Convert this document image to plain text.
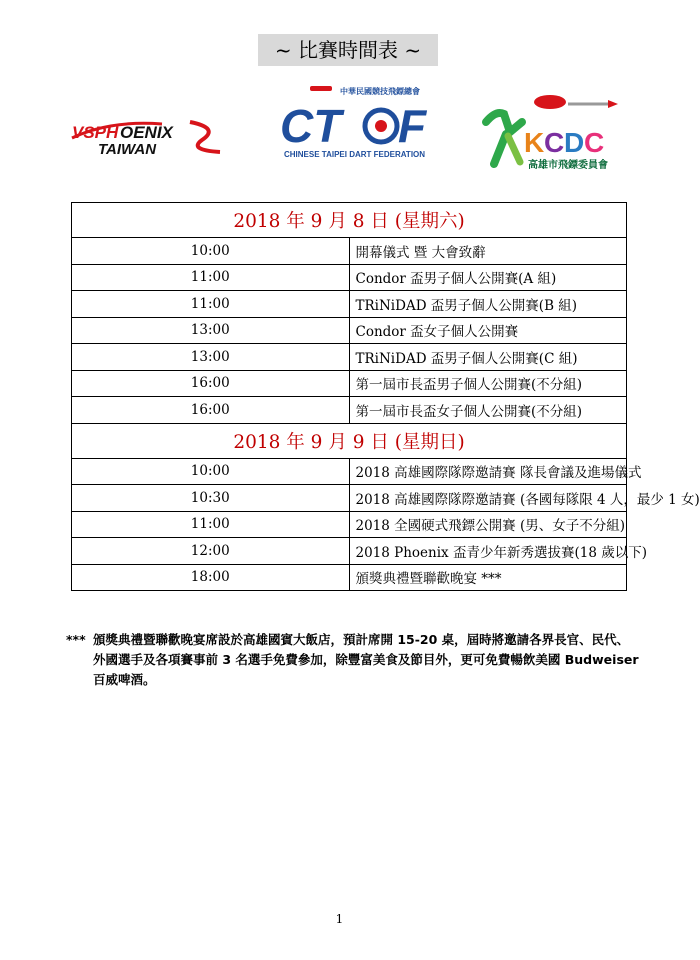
~ 比賽時間表 ~
VSPH OENIX
TAIWAN
中華民國競技飛鏢總會
CT F
CHINESE TAIPEI DART FEDERATION	K C D C
高雄市飛鏢委員會
2018 年 9 月 8 日 (星期六)	
10:00	開幕儀式 暨 大會致辭
11:00	Condor 盃男子個人公開賽(A 組)
11:00	TRiNiDAD 盃男子個人公開賽(B 組)
13:00	Condor 盃女子個人公開賽
13:00	TRiNiDAD 盃男子個人公開賽(C 組)
16:00	第一屆市長盃男子個人公開賽(不分組)
16:00	第一屆市長盃女子個人公開賽(不分組)
2018 年 9 月 9 日 (星期日)	
10:00	2018 高雄國際隊際邀請賽 隊長會議及進場儀式
10:30	2018 高雄國際隊際邀請賽 (各國每隊限 4 人，最少 1 女)
11:00	2018 全國硬式飛鏢公開賽 (男、女子不分組)
12:00	2018 Phoenix 盃青少年新秀選拔賽(18 歲以下)
18:00	頒獎典禮暨聯歡晚宴 ***
*** 頒獎典禮暨聯歡晚宴席設於高雄國賓大飯店，預計席開 15-20 桌，屆時將邀請各界長官、民代、外國選手及各項賽事前 3 名選手免費參加，除豐富美食及節目外，更可免費暢飲美國 Budweiser 百威啤酒。
1
